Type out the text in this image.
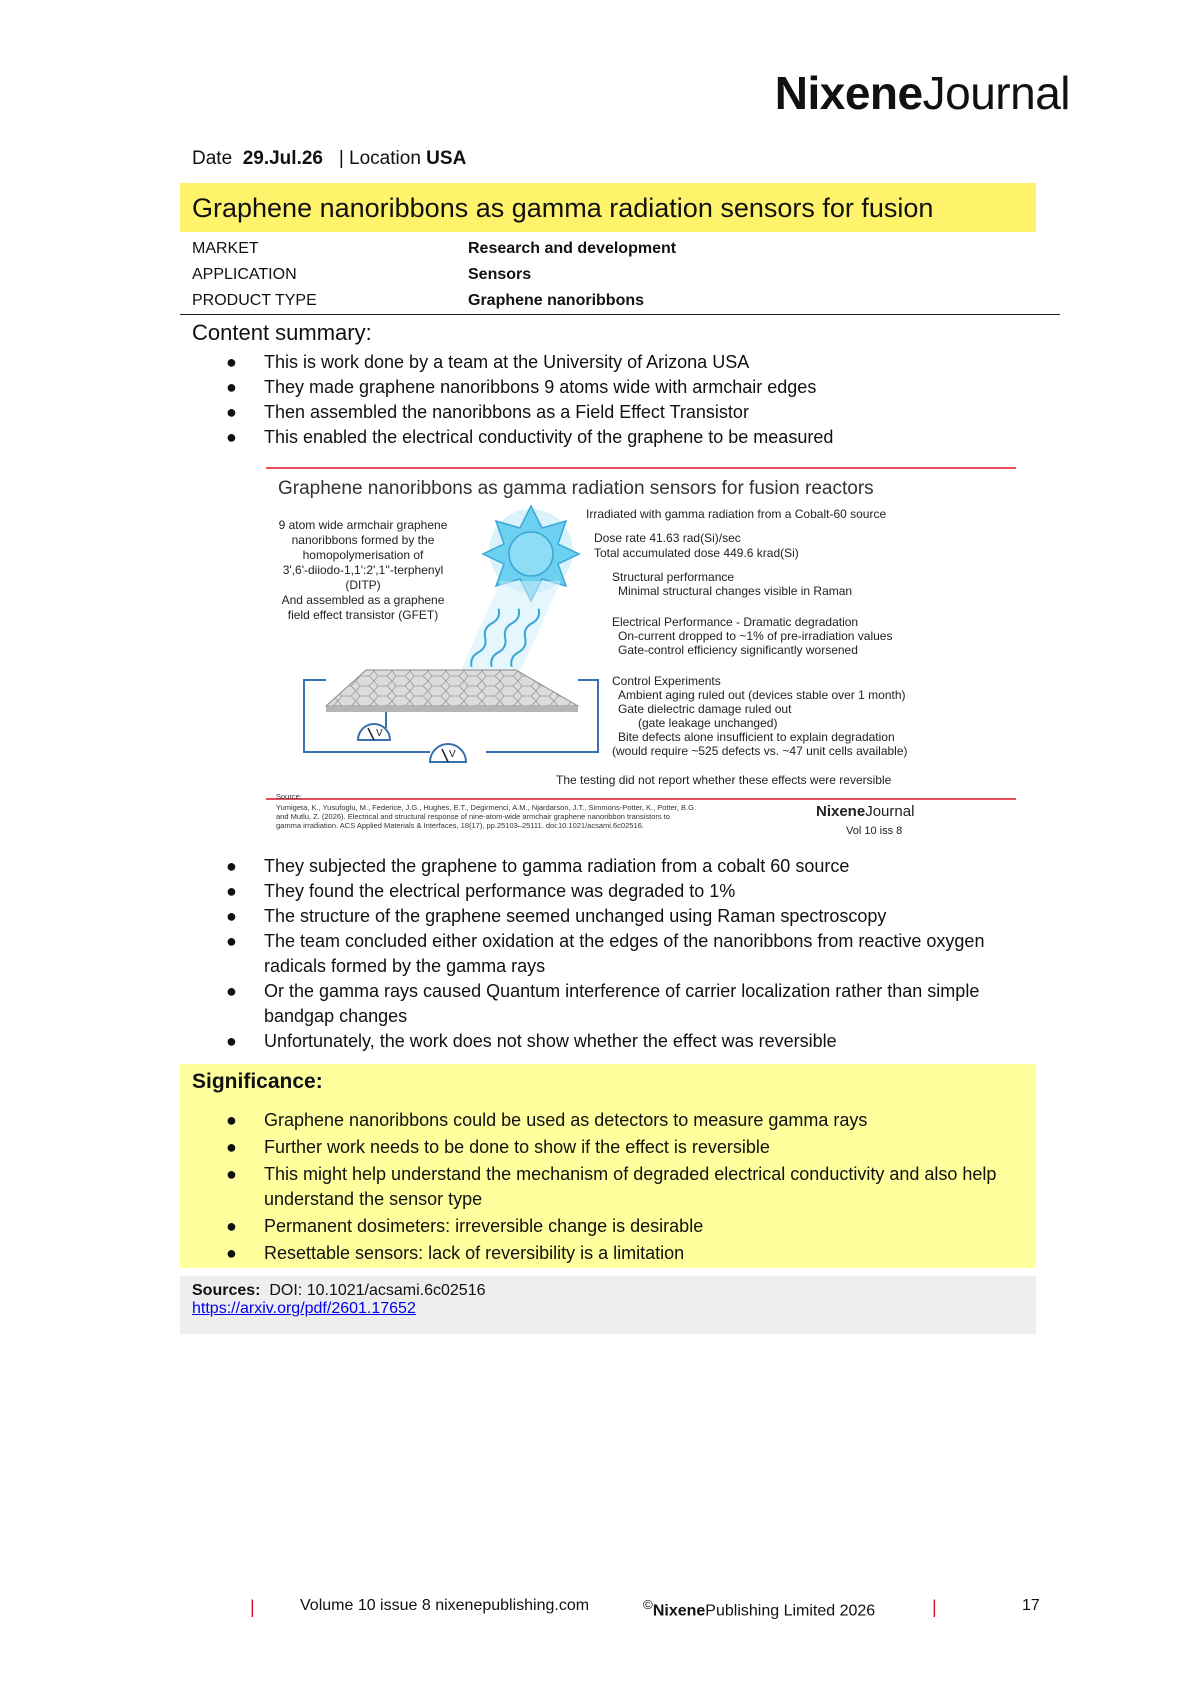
NixeneJournal
Date 29.Jul.26 | Location USA
Graphene nanoribbons as gamma radiation sensors for fusion
MARKET	Research and development
APPLICATION	Sensors
PRODUCT TYPE	Graphene nanoribbons
Content summary:
● This is work done by a team at the University of Arizona USA
● They made graphene nanoribbons 9 atoms wide with armchair edges
● Then assembled the nanoribbons as a Field Effect Transistor
● This enabled the electrical conductivity of the graphene to be measured
Graphene nanoribbons as gamma radiation sensors for fusion reactors
9 atom wide armchair graphene
nanoribbons formed by the
homopolymerisation of
3',6'-diiodo-1,1':2',1''-terphenyl
(DITP)
And assembled as a graphene
field effect transistor (GFET)
V
V
Irradiated with gamma radiation from a Cobalt-60 source
Dose rate 41.63 rad(Si)/sec
Total accumulated dose 449.6 krad(Si)
Structural performance
Minimal structural changes visible in Raman
Electrical Performance - Dramatic degradation
On-current dropped to ~1% of pre-irradiation values
Gate-control efficiency significantly worsened
Control Experiments
Ambient aging ruled out (devices stable over 1 month)
Gate dielectric damage ruled out
(gate leakage unchanged)
Bite defects alone insufficient to explain degradation
(would require ~525 defects vs. ~47 unit cells available)
The testing did not report whether these effects were reversible
Source:
Yumigeta, K., Yusufoglu, M., Federice, J.G., Hughes, E.T., Degirmenci, A.M., Njardarson, J.T., Simmons-Potter, K., Potter, B.G.
and Mutlu, Z. (2026). Electrical and structural response of nine-atom-wide armchair graphene nanoribbon transistors to
gamma irradiation. ACS Applied Materials & Interfaces, 18(17), pp.25103–25111. doi:10.1021/acsami.6c02516.
NixeneJournal
Vol 10 iss 8
● They subjected the graphene to gamma radiation from a cobalt 60 source
● They found the electrical performance was degraded to 1%
● The structure of the graphene seemed unchanged using Raman spectroscopy
● The team concluded either oxidation at the edges of the nanoribbons from reactive oxygen radicals formed by the gamma rays
● Or the gamma rays caused Quantum interference of carrier localization rather than simple bandgap changes
● Unfortunately, the work does not show whether the effect was reversible
Significance:
● Graphene nanoribbons could be used as detectors to measure gamma rays
● Further work needs to be done to show if the effect is reversible
● This might help understand the mechanism of degraded electrical conductivity and also help understand the sensor type
● Permanent dosimeters: irreversible change is desirable
● Resettable sensors: lack of reversibility is a limitation
Sources: DOI: 10.1021/acsami.6c02516
https://arxiv.org/pdf/2601.17652
|	Volume 10 issue 8 nixenepublishing.com	©NixenePublishing Limited 2026	|	17
